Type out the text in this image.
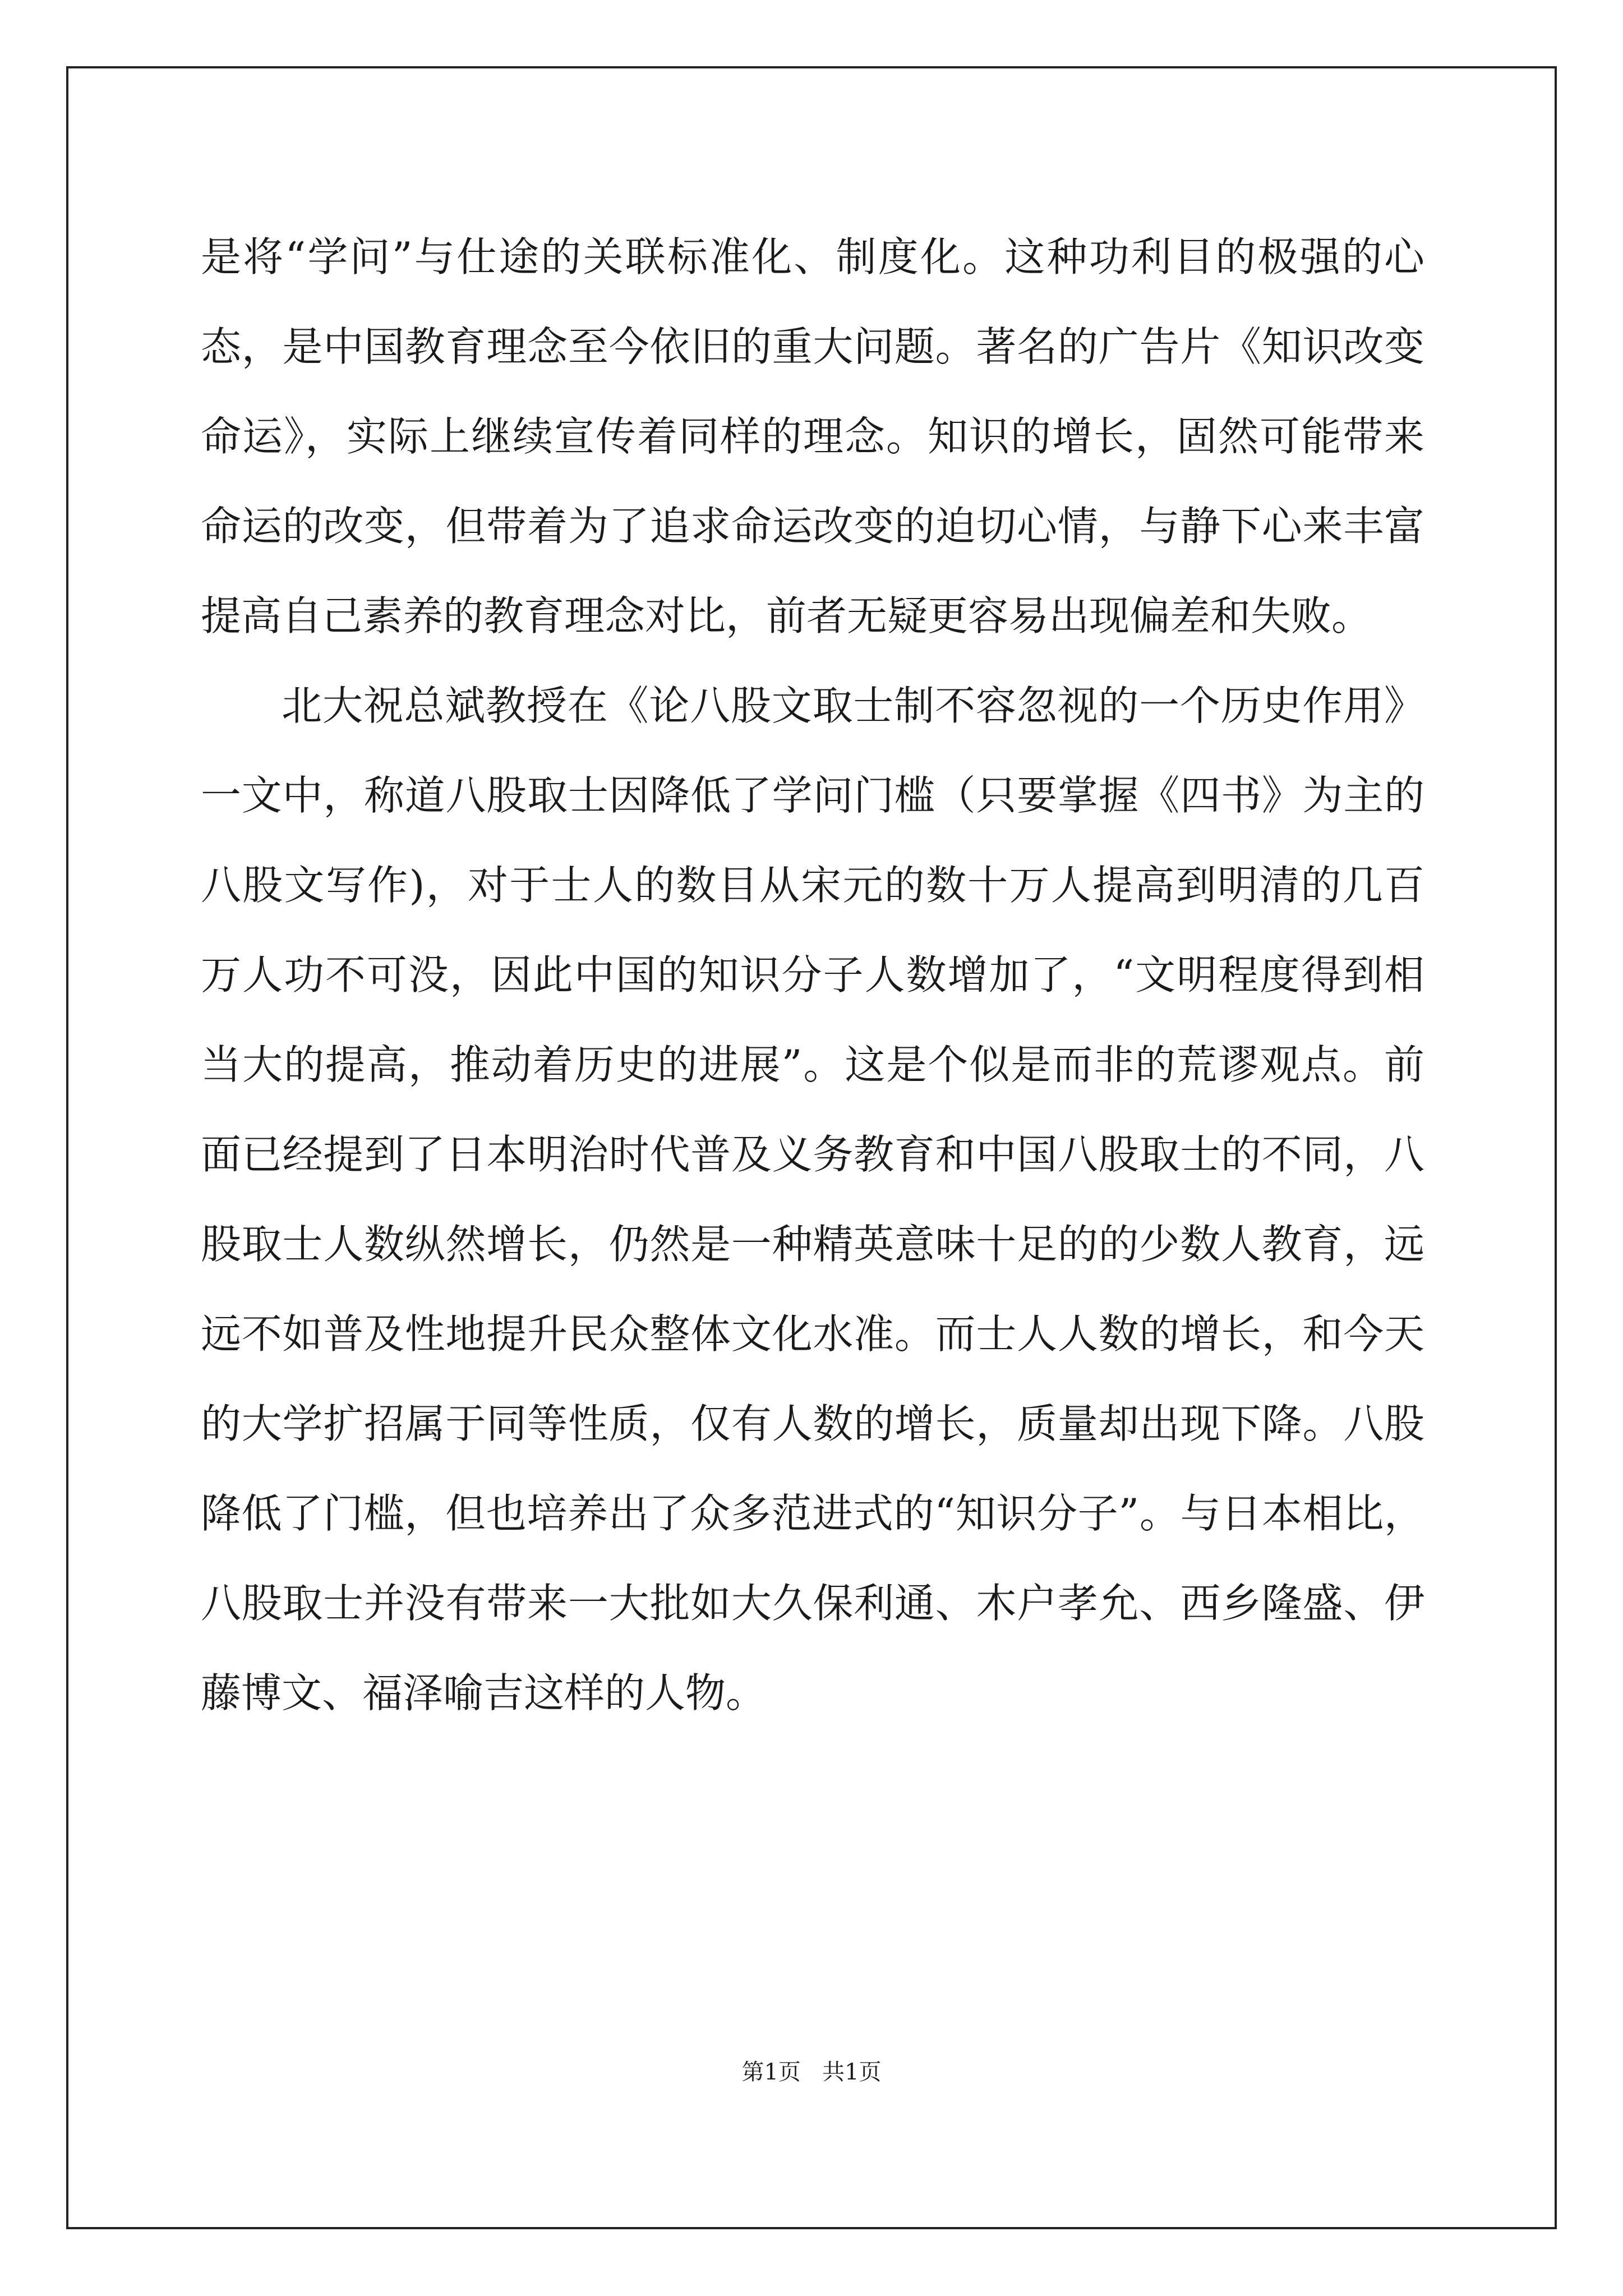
是将“学问”与仕途的关联标准化、制度化。这种功利目的极强的心态，是中国教育理念至今依旧的重大问题。著名的广告片《知识改变命运》，实际上继续宣传着同样的理念。知识的增长，固然可能带来命运的改变，但带着为了追求命运改变的迫切心情，与静下心来丰富提高自己素养的教育理念对比，前者无疑更容易出现偏差和失败。

北大祝总斌教授在《论八股文取士制不容忽视的一个历史作用》一文中，称道八股取士因降低了学问门槛（只要掌握《四书》为主的八股文写作)，对于士人的数目从宋元的数十万人提高到明清的几百万人功不可没，因此中国的知识分子人数增加了，“文明程度得到相当大的提高，推动着历史的进展”。这是个似是而非的荒谬观点。前面已经提到了日本明治时代普及义务教育和中国八股取士的不同，八股取士人数纵然增长，仍然是一种精英意味十足的的少数人教育，远远不如普及性地提升民众整体文化水准。而士人人数的增长，和今天的大学扩招属于同等性质，仅有人数的增长，质量却出现下降。八股降低了门槛，但也培养出了众多范进式的“知识分子”。与日本相比，八股取士并没有带来一大批如大久保利通、木户孝允、西乡隆盛、伊藤博文、福泽喻吉这样的人物。

第1页 共1页
